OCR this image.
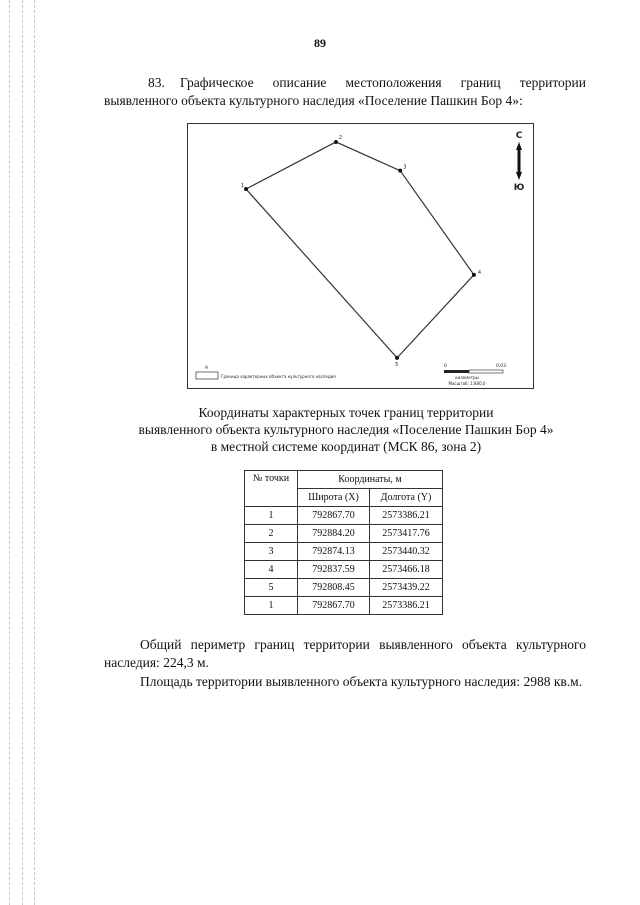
89
83. Графическое описание местоположения границ территории выявленного объекта культурного наследия «Поселение Пашкин Бор 4»:
1
2
3
4
5
С
Ю
9
Граница характерных объекта культурного наследия
0	0,03
километры
Масштаб: 1:800,0
Координаты характерных точек границ территории
выявленного объекта культурного наследия «Поселение Пашкин Бор 4»
в местной системе координат (МСК 86, зона 2)
№ точки	Координаты, м	
	Широта (X)	Долгота (Y)
1	792867.70	2573386.21
2	792884.20	2573417.76
3	792874.13	2573440.32
4	792837.59	2573466.18
5	792808.45	2573439.22
1	792867.70	2573386.21
Общий периметр границ территории выявленного объекта культурного наследия: 224,3 м.
Площадь территории выявленного объекта культурного наследия: 2988 кв.м.
